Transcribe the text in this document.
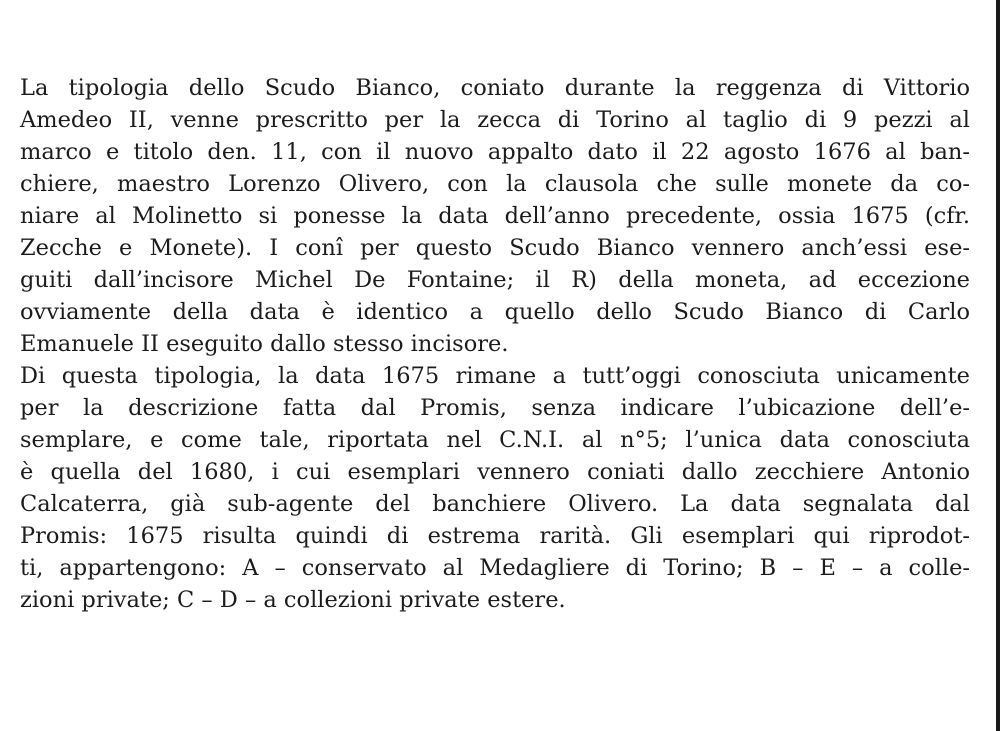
La tipologia dello Scudo Bianco, coniato durante la reggenza di Vittorio
Amedeo II, venne prescritto per la zecca di Torino al taglio di 9 pezzi al
marco e titolo den. 11, con il nuovo appalto dato il 22 agosto 1676 al ban-
chiere, maestro Lorenzo Olivero, con la clausola che sulle monete da co-
niare al Molinetto si ponesse la data dell’anno precedente, ossia 1675 (cfr.
Zecche e Monete). I conî per questo Scudo Bianco vennero anch’essi ese-
guiti dall’incisore Michel De Fontaine; il R) della moneta, ad eccezione
ovviamente della data è identico a quello dello Scudo Bianco di Carlo
Emanuele II eseguito dallo stesso incisore.
Di questa tipologia, la data 1675 rimane a tutt’oggi conosciuta unicamente
per la descrizione fatta dal Promis, senza indicare l’ubicazione dell’e-
semplare, e come tale, riportata nel C.N.I. al n°5; l’unica data conosciuta
è quella del 1680, i cui esemplari vennero coniati dallo zecchiere Antonio
Calcaterra, già sub-agente del banchiere Olivero. La data segnalata dal
Promis: 1675 risulta quindi di estrema rarità. Gli esemplari qui riprodot-
ti, appartengono: A – conservato al Medagliere di Torino; B – E – a colle-
zioni private; C – D – a collezioni private estere.
